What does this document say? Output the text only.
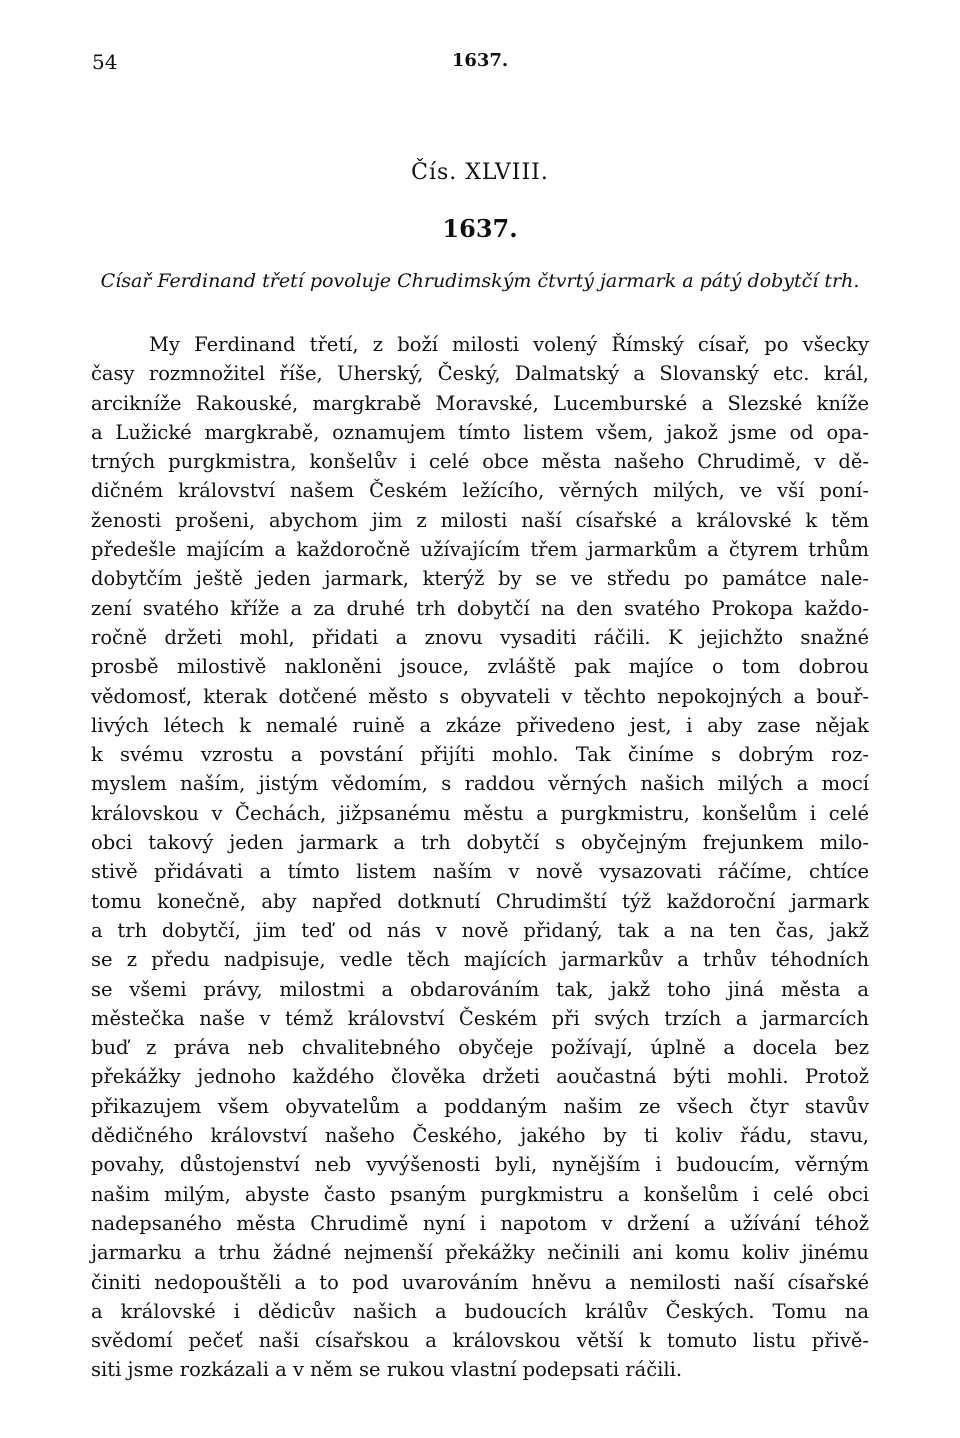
54	1637.
Čís. XLVIII.
1637.
Císař Ferdinand třetí povoluje Chrudimským čtvrtý jarmark a pátý dobytčí trh.
My Ferdinand třetí, z boží milosti volený Římský císař, po všecky
časy rozmnožitel říše, Uherský, Český, Dalmatský a Slovanský etc. král,
arcikníže Rakouské, margkrabě Moravské, Lucemburské a Slezské kníže
a Lužické margkrabě, oznamujem tímto listem všem, jakož jsme od opa-
trných purgkmistra, konšelův i celé obce města našeho Chrudimě, v dě-
dičném království našem Českém ležícího, věrných milých, ve vší poní-
ženosti prošeni, abychom jim z milosti naší císařské a královské k těm
předešle majícím a každoročně užívajícím třem jarmarkům a čtyrem trhům
dobytčím ještě jeden jarmark, kterýž by se ve středu po památce nale-
zení svatého kříže a za druhé trh dobytčí na den svatého Prokopa každo-
ročně držeti mohl, přidati a znovu vysaditi ráčili. K jejichžto snažné
prosbě milostivě nakloněni jsouce, zvláště pak majíce o tom dobrou
vědomosť, kterak dotčené město s obyvateli v těchto nepokojných a bouř-
livých létech k nemalé ruině a zkáze přivedeno jest, i aby zase nějak
k svému vzrostu a povstání přijíti mohlo. Tak činíme s dobrým roz-
myslem naším, jistým vědomím, s raddou věrných našich milých a mocí
královskou v Čechách, jižpsanému městu a purgkmistru, konšelům i celé
obci takový jeden jarmark a trh dobytčí s obyčejným frejunkem milo-
stivě přidávati a tímto listem naším v nově vysazovati ráčíme, chtíce
tomu konečně, aby napřed dotknutí Chrudimští týž každoroční jarmark
a trh dobytčí, jim teď od nás v nově přidaný, tak a na ten čas, jakž
se z předu nadpisuje, vedle těch majících jarmarkův a trhův téhodních
se všemi právy, milostmi a obdarováním tak, jakž toho jiná města a
městečka naše v témž království Českém při svých trzích a jarmarcích
buď z práva neb chvalitebného obyčeje požívají, úplně a docela bez
překážky jednoho každého člověka držeti aoučastná býti mohli. Protož
přikazujem všem obyvatelům a poddaným našim ze všech čtyr stavův
dědičného království našeho Českého, jakého by ti koliv řádu, stavu,
povahy, důstojenství neb vyvýšenosti byli, nynějším i budoucím, věrným
našim milým, abyste často psaným purgkmistru a konšelům i celé obci
nadepsaného města Chrudimě nyní i napotom v držení a užívání téhož
jarmarku a trhu žádné nejmenší překážky nečinili ani komu koliv jinému
činiti nedopouštěli a to pod uvarováním hněvu a nemilosti naší císařské
a královské i dědicův našich a budoucích králův Českých. Tomu na
svědomí pečeť naši císařskou a královskou větší k tomuto listu přivě-
siti jsme rozkázali a v něm se rukou vlastní podepsati ráčili.
